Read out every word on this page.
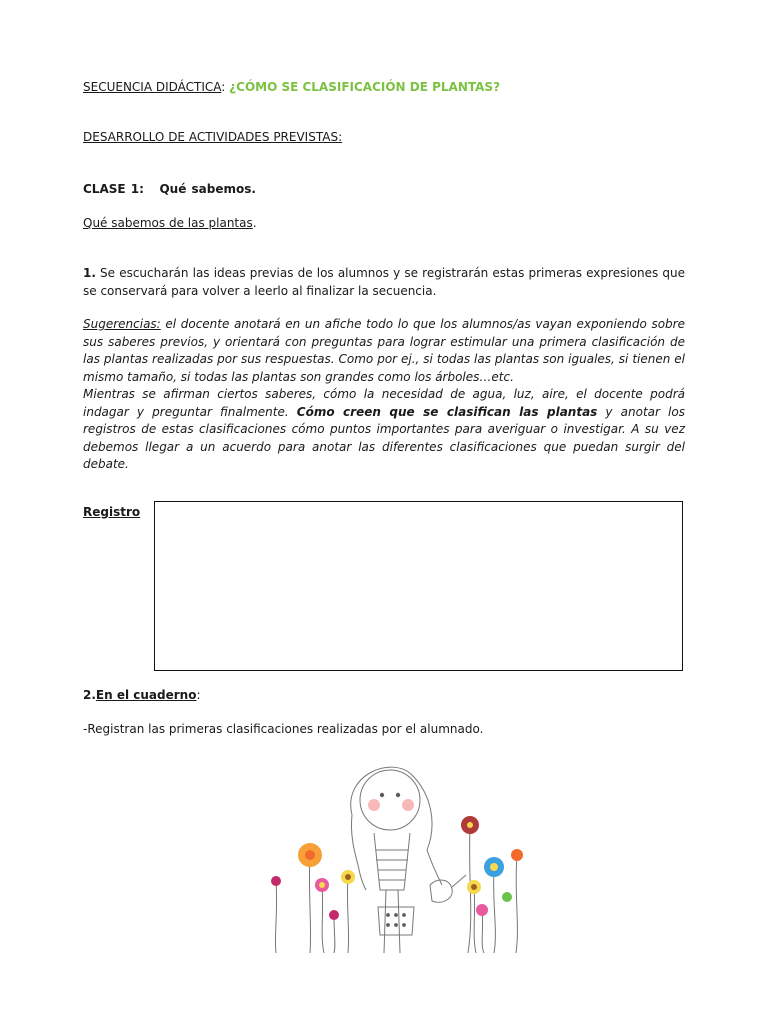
SECUENCIA DIDÁCTICA: ¿CÓMO SE CLASIFICACIÓN DE PLANTAS?
DESARROLLO DE ACTIVIDADES PREVISTAS:
CLASE 1: Qué sabemos.
Qué sabemos de las plantas.
1. Se escucharán las ideas previas de los alumnos y se registrarán estas primeras expresiones que se conservará para volver a leerlo al finalizar la secuencia.
Sugerencias: el docente anotará en un afiche todo lo que los alumnos/as vayan exponiendo sobre sus saberes previos, y orientará con preguntas para lograr estimular una primera clasificación de las plantas realizadas por sus respuestas. Como por ej., si todas las plantas son iguales, si tienen el mismo tamaño, si todas las plantas son grandes como los árboles…etc.
Mientras se afirman ciertos saberes, cómo la necesidad de agua, luz, aire, el docente podrá indagar y preguntar finalmente. Cómo creen que se clasifican las plantas y anotar los registros de estas clasificaciones cómo puntos importantes para averiguar o investigar. A su vez debemos llegar a un acuerdo para anotar las diferentes clasificaciones que puedan surgir del debate.
Registro
2.En el cuaderno:
-Registran las primeras clasificaciones realizadas por el alumnado.
